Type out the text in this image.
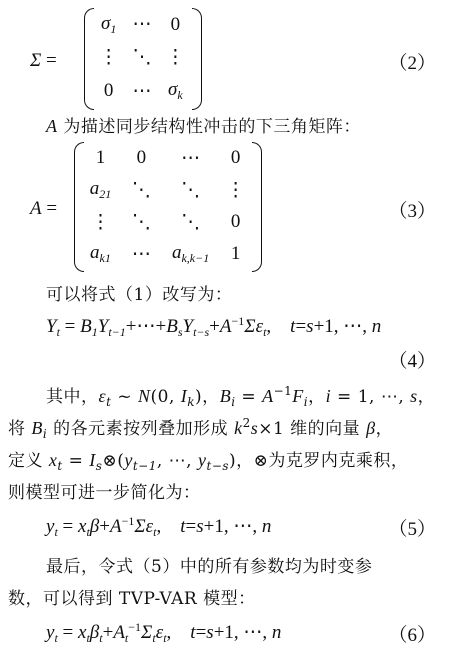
Σ =
$\sigma_1$ ⋯	0
⋮ ⋱ ⋮
0	⋯ $\sigma_k$
（2）
A 为描述同步结构性冲击的下三角矩阵：
A =
1	0	⋯	0
$a_{21}$	⋱	⋱	⋮
⋮	⋱	⋱	0
$a_{k1}$	⋯	$a_{k,k-1}$	1
（3）
可以将式（1）改写为：
$Y_t$ = $B_1Y_{t-1}+\cdots+B_sY_{t-s}+A^{-1}\Sigma\varepsilon_t$,    t=s+1, ⋯, n
（4）
其中，$\varepsilon_t$ ~ N(0, $I_k$)，$B_i = A^{-1}F_i$，i = 1, ⋯, s，
将 $B_i$ 的各元素按列叠加形成 $k^2s\times 1$ 维的向量 β，
定义 $x_t$ = $I_s\otimes(y_{t-1}$, ⋯, $y_{t-s}$)，⊗为克罗内克乘积，
则模型可进一步简化为：
$y_t = x_t\beta+A^{-1}\Sigma\varepsilon_t$,    t=s+1, ⋯, n	（5）
最后，令式（5）中的所有参数均为时变参
数，可以得到 TVP-VAR 模型：
$y_t = x_t\beta_t+A_t^{-1}\Sigma_t\varepsilon_t$,    t=s+1, ⋯, n	（6）
